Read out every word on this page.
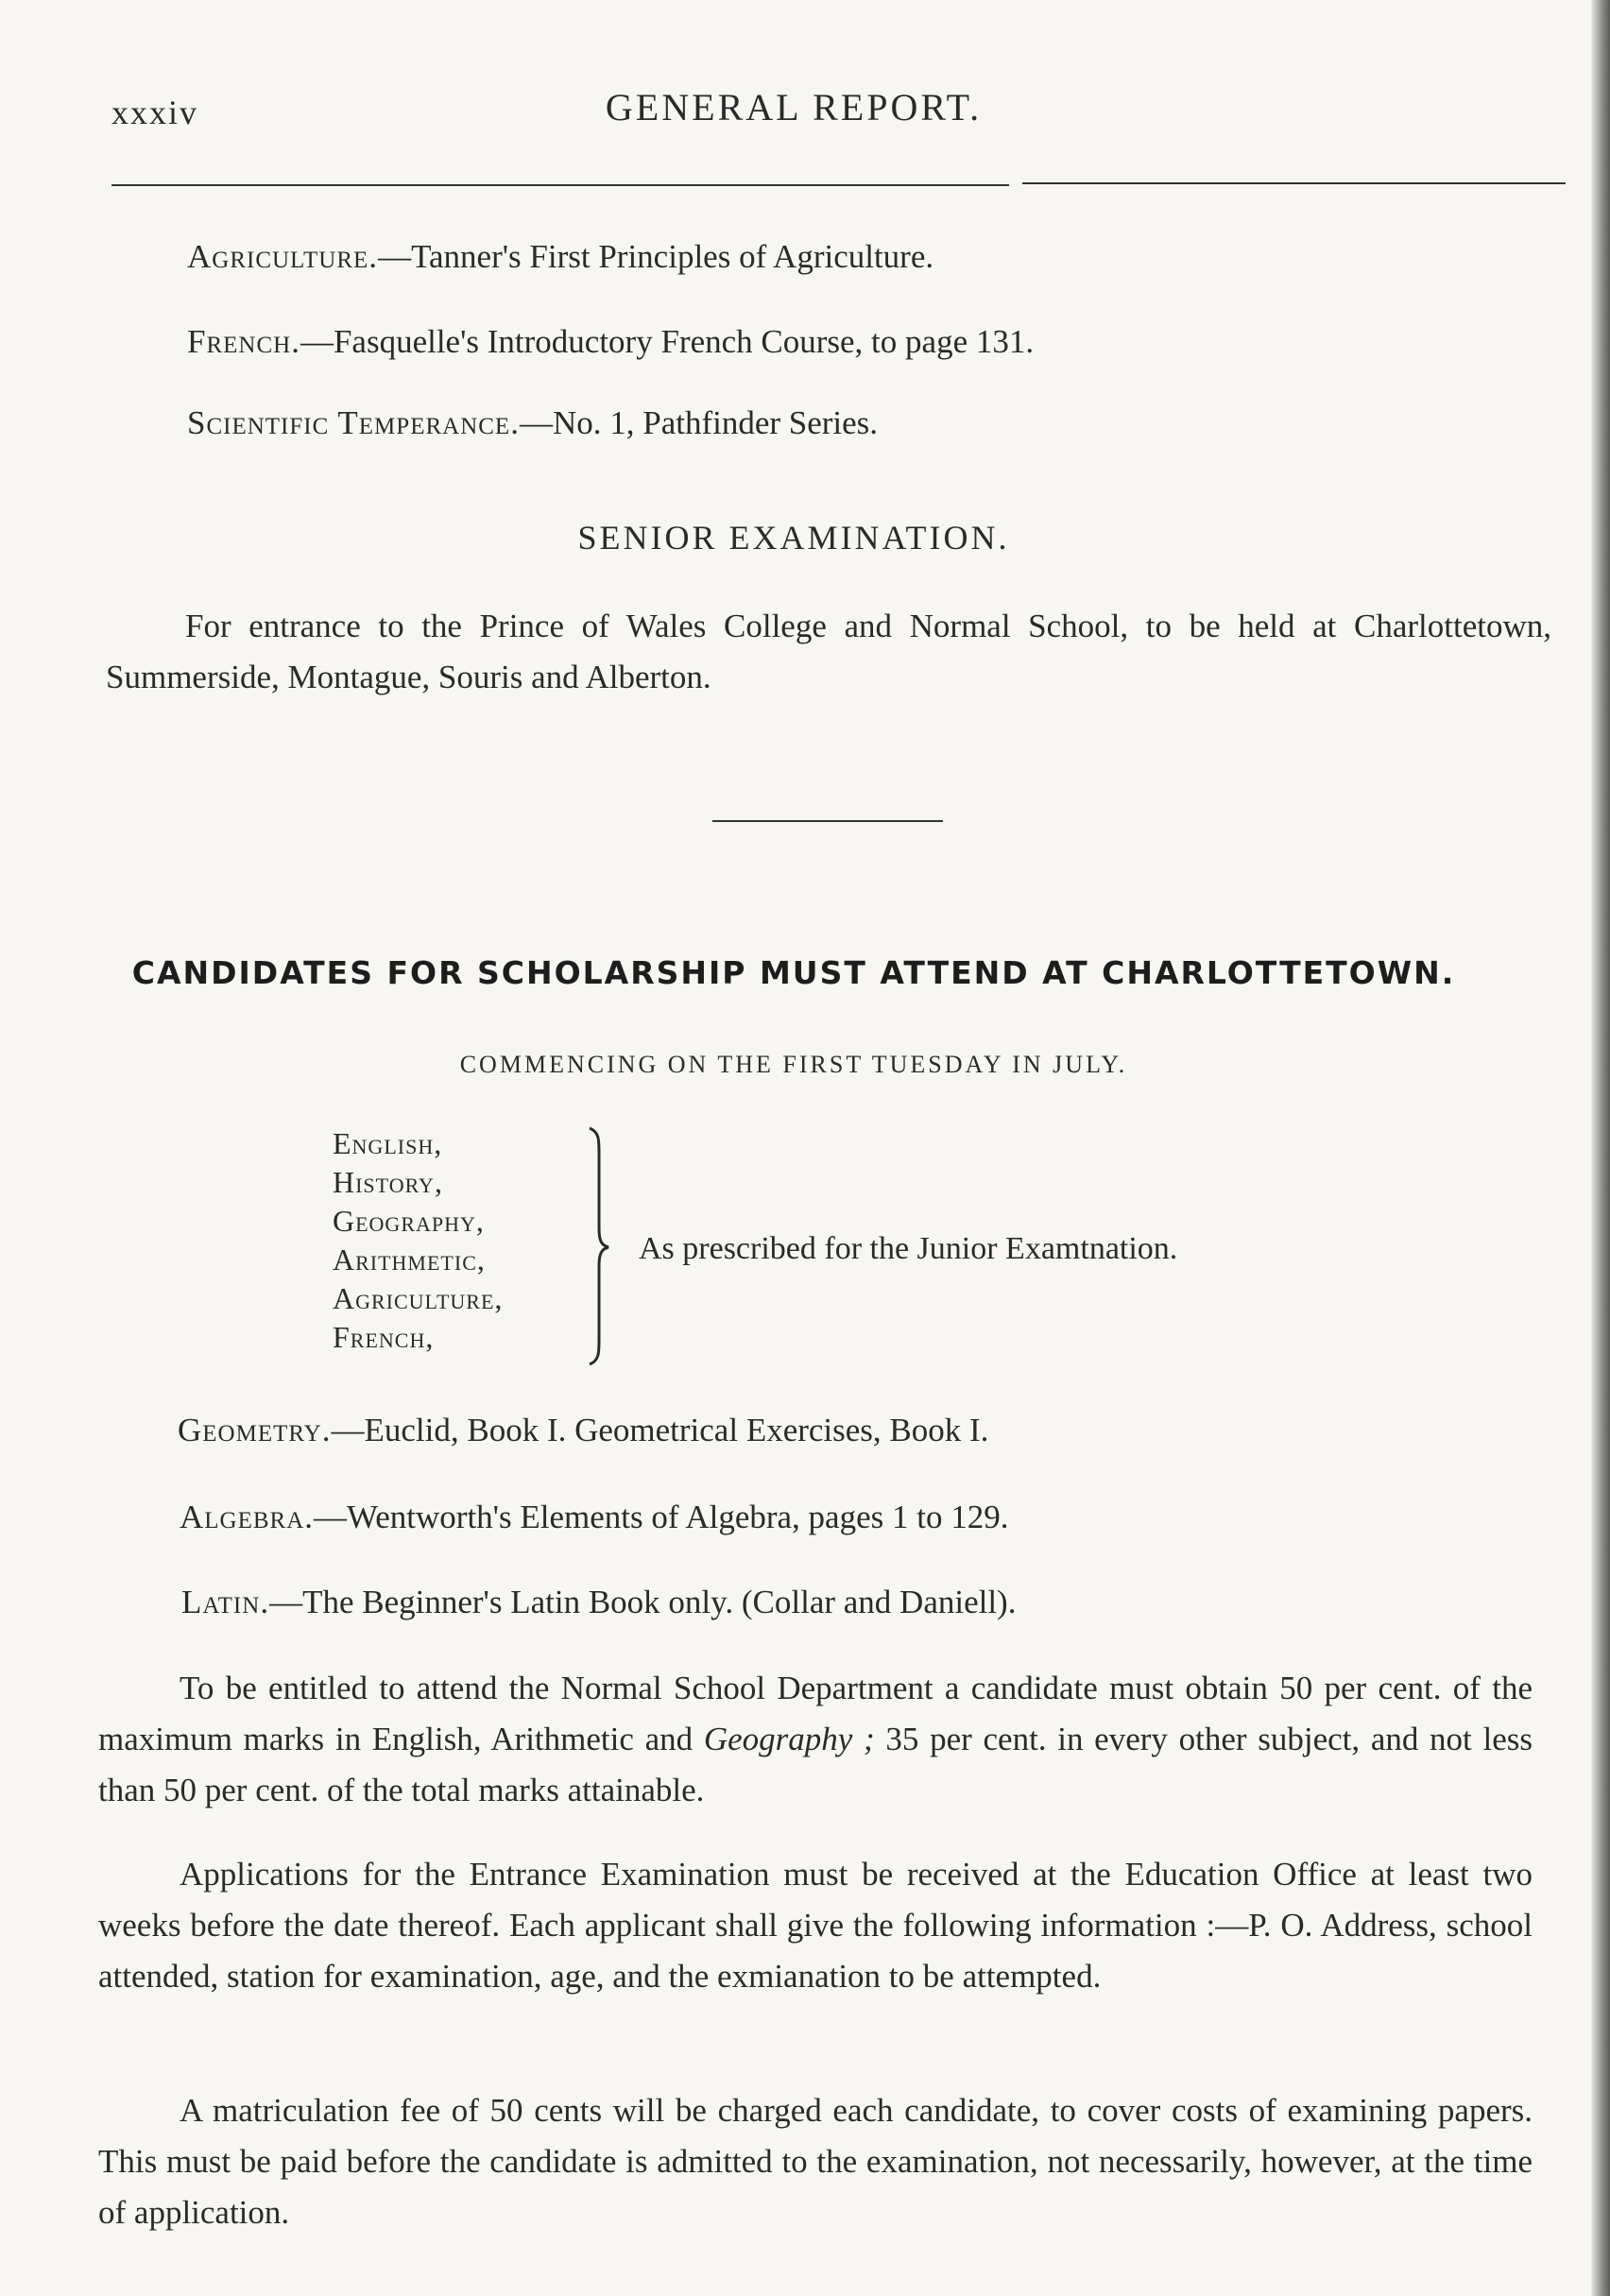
xxxiv	GENERAL REPORT.
Agriculture.—Tanner's First Principles of Agriculture.
French.—Fasquelle's Introductory French Course, to page 131.
Scientific Temperance.—No. 1, Pathfinder Series.
SENIOR EXAMINATION.

For entrance to the Prince of Wales College and Normal School, to be held at Charlottetown, Summerside, Montague, Souris and Alberton.

CANDIDATES FOR SCHOLARSHIP MUST ATTEND AT CHARLOTTETOWN.
COMMENCING ON THE FIRST TUESDAY IN JULY.
English,
History,
Geography,
Arithmetic,
Agriculture,
French,
As prescribed for the Junior Examtnation.
Geometry.—Euclid, Book I. Geometrical Exercises, Book I.
Algebra.—Wentworth's Elements of Algebra, pages 1 to 129.
Latin.—The Beginner's Latin Book only. (Collar and Daniell).

To be entitled to attend the Normal School Department a candidate must obtain 50 per cent. of the maximum marks in English, Arithmetic and Geography ; 35 per cent. in every other subject, and not less than 50 per cent. of the total marks attainable.

Applications for the Entrance Examination must be received at the Education Office at least two weeks before the date thereof. Each applicant shall give the following information :—P. O. Address, school attended, station for examination, age, and the exmianation to be attempted.

A matriculation fee of 50 cents will be charged each candidate, to cover costs of examining papers. This must be paid before the candidate is admitted to the examination, not necessarily, however, at the time of application.
